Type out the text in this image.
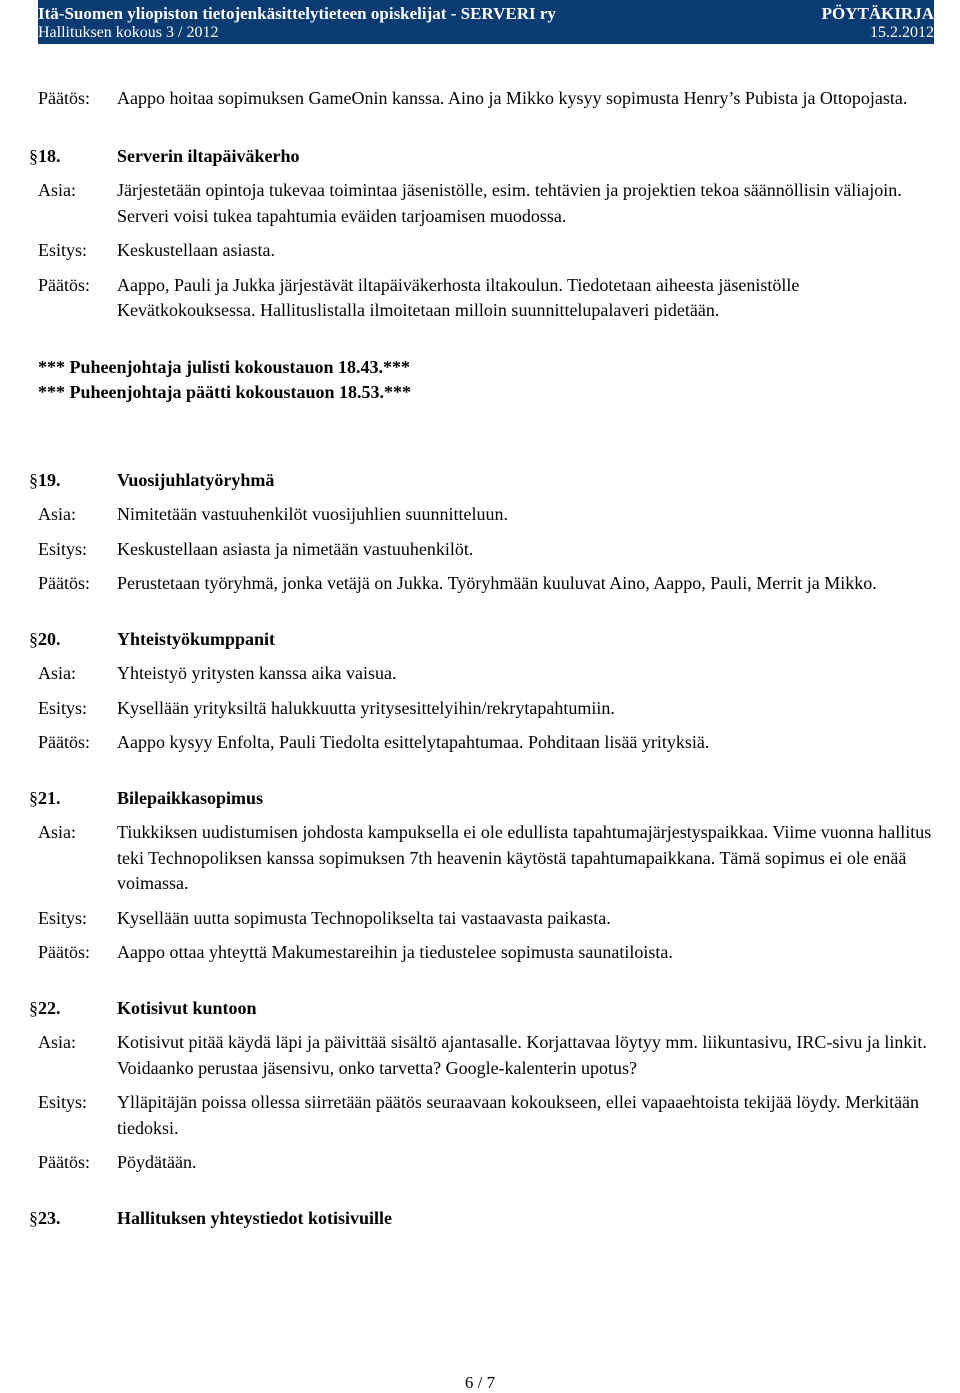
Itä-Suomen yliopiston tietojenkäsittelytieteen opiskelijat - SERVERI ry	PÖYTÄKIRJA
Hallituksen kokous 3 / 2012	15.2.2012
Päätös:	Aappo hoitaa sopimuksen GameOnin kanssa. Aino ja Mikko kysyy sopimusta Henry’s Pubista ja Ottopojasta.
18. §	Serverin iltapäiväkerho
Asia:	Järjestetään opintoja tukevaa toimintaa jäsenistölle, esim. tehtävien ja projektien tekoa säännöllisin väliajoin. Serveri voisi tukea tapahtumia eväiden tarjoamisen muodossa.
Esitys:	Keskustellaan asiasta.
Päätös:	Aappo, Pauli ja Jukka järjestävät iltapäiväkerhosta iltakoulun. Tiedotetaan aiheesta jäsenistölle Kevätkokouksessa. Hallituslistalla ilmoitetaan milloin suunnittelupalaveri pidetään.
*** Puheenjohtaja julisti kokoustauon 18.43.***
*** Puheenjohtaja päätti kokoustauon 18.53.***
19. §	Vuosijuhlatyöryhmä
Asia:	Nimitetään vastuuhenkilöt vuosijuhlien suunnitteluun.
Esitys:	Keskustellaan asiasta ja nimetään vastuuhenkilöt.
Päätös:	Perustetaan työryhmä, jonka vetäjä on Jukka. Työryhmään kuuluvat Aino, Aappo, Pauli, Merrit ja Mikko.
20. §	Yhteistyökumppanit
Asia:	Yhteistyö yritysten kanssa aika vaisua.
Esitys:	Kysellään yrityksiltä halukkuutta yritysesittelyihin/rekrytapahtumiin.
Päätös:	Aappo kysyy Enfolta, Pauli Tiedolta esittelytapahtumaa. Pohditaan lisää yrityksiä.
21. §	Bilepaikkasopimus
Asia:	Tiukkiksen uudistumisen johdosta kampuksella ei ole edullista tapahtumajärjestyspaikkaa. Viime vuonna hallitus teki Technopoliksen kanssa sopimuksen 7th heavenin käytöstä tapahtumapaikkana. Tämä sopimus ei ole enää voimassa.
Esitys:	Kysellään uutta sopimusta Technopolikselta tai vastaavasta paikasta.
Päätös:	Aappo ottaa yhteyttä Makumestareihin ja tiedustelee sopimusta saunatiloista.
22. §	Kotisivut kuntoon
Asia:	Kotisivut pitää käydä läpi ja päivittää sisältö ajantasalle. Korjattavaa löytyy mm. liikuntasivu, IRC-sivu ja linkit. Voidaanko perustaa jäsensivu, onko tarvetta? Google-kalenterin upotus?
Esitys:	Ylläpitäjän poissa ollessa siirretään päätös seuraavaan kokoukseen, ellei vapaaehtoista tekijää löydy. Merkitään tiedoksi.
Päätös:	Pöydätään.
23. §	Hallituksen yhteystiedot kotisivuille
6 / 7
